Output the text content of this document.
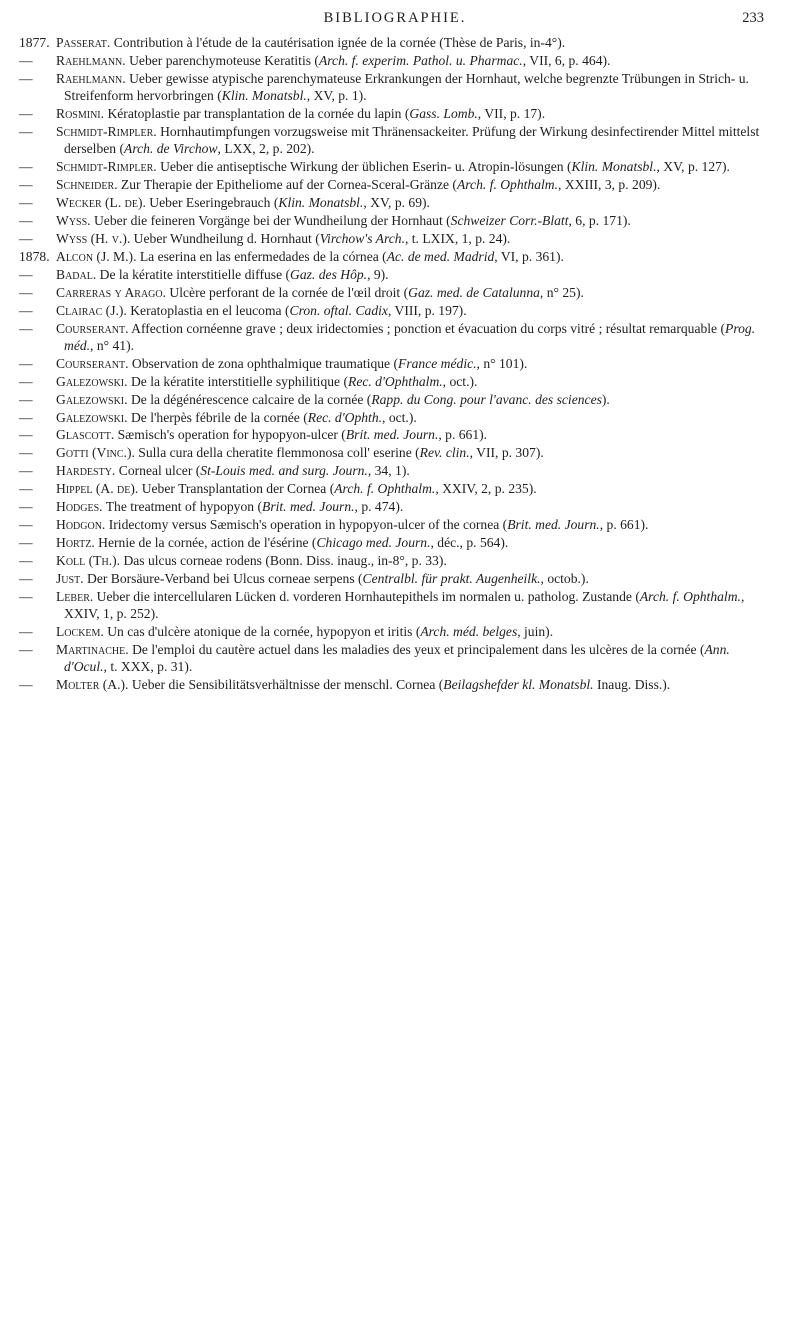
BIBLIOGRAPHIE.	233
1877. Passerat. Contribution à l'étude de la cautérisation ignée de la cornée (Thèse de Paris, in-4°).
— Raehlmann. Ueber parenchymoteuse Keratitis (Arch. f. experim. Pathol. u. Pharmac., VII, 6, p. 464).
— Raehlmann. Ueber gewisse atypische parenchymateuse Erkrankungen der Hornhaut, welche begrenzte Trübungen in Strich- u. Streifenform hervorbringen (Klin. Monatsbl., XV, p. 1).
— Rosmini. Kératoplastie par transplantation de la cornée du lapin (Gass. Lomb., VII, p. 17).
— Schmidt-Rimpler. Hornhautimpfungen vorzugsweise mit Thränensackeiter. Prüfung der Wirkung desinfectirender Mittel mittelst derselben (Arch. de Virchow, LXX, 2, p. 202).
— Schmidt-Rimpler. Ueber die antiseptische Wirkung der üblichen Eserin- u. Atropin-lösungen (Klin. Monatsbl., XV, p. 127).
— Schneider. Zur Therapie der Epitheliome auf der Cornea-Sceral-Gränze (Arch. f. Ophthalm., XXIII, 3, p. 209).
— Wecker (L. de). Ueber Eseringebrauch (Klin. Monatsbl., XV, p. 69).
— Wyss. Ueber die feineren Vorgänge bei der Wundheilung der Hornhaut (Schweizer Corr.-Blatt, 6, p. 171).
— Wyss (H. v.). Ueber Wundheilung d. Hornhaut (Virchow's Arch., t. LXIX, 1, p. 24).
1878. Alcon (J. M.). La eserina en las enfermedades de la córnea (Ac. de med. Madrid, VI, p. 361).
— Badal. De la kératite interstitielle diffuse (Gaz. des Hôp., 9).
— Carreras y Arago. Ulcère perforant de la cornée de l'œil droit (Gaz. med. de Catalunna, n° 25).
— Clairac (J.). Keratoplastia en el leucoma (Cron. oftal. Cadix, VIII, p. 197).
— Courserant. Affection cornéenne grave ; deux iridectomies ; ponction et évacuation du corps vitré ; résultat remarquable (Prog. méd., n° 41).
— Courserant. Observation de zona ophthalmique traumatique (France médic., n° 101).
— Galezowski. De la kératite interstitielle syphilitique (Rec. d'Ophthalm., oct.).
— Galezowski. De la dégénérescence calcaire de la cornée (Rapp. du Cong. pour l'avanc. des sciences).
— Galezowski. De l'herpès fébrile de la cornée (Rec. d'Ophth., oct.).
— Glascott. Sæmisch's operation for hypopyon-ulcer (Brit. med. Journ., p. 661).
— Gotti (Vinc.). Sulla cura della cheratite flemmonosa coll' eserine (Rev. clin., VII, p. 307).
— Hardesty. Corneal ulcer (St-Louis med. and surg. Journ., 34, 1).
— Hippel (A. de). Ueber Transplantation der Cornea (Arch. f. Ophthalm., XXIV, 2, p. 235).
— Hodges. The treatment of hypopyon (Brit. med. Journ., p. 474).
— Hodgon. Iridectomy versus Sæmisch's operation in hypopyon-ulcer of the cornea (Brit. med. Journ., p. 661).
— Hortz. Hernie de la cornée, action de l'ésérine (Chicago med. Journ., déc., p. 564).
— Koll (Th.). Das ulcus corneae rodens (Bonn. Diss. inaug., in-8°, p. 33).
— Just. Der Borsäure-Verband bei Ulcus corneae serpens (Centralbl. für prakt. Augenheilk., octob.).
— Leber. Ueber die intercellularen Lücken d. vorderen Hornhautepithels im normalen u. patholog. Zustande (Arch. f. Ophthalm., XXIV, 1, p. 252).
— Lockem. Un cas d'ulcère atonique de la cornée, hypopyon et iritis (Arch. méd. belges, juin).
— Martinache. De l'emploi du cautère actuel dans les maladies des yeux et principalement dans les ulcères de la cornée (Ann. d'Ocul., t. XXX, p. 31).
— Molter (A.). Ueber die Sensibilitätsverhältnisse der menschl. Cornea (Beilagshefder kl. Monatsbl. Inaug. Diss.).
